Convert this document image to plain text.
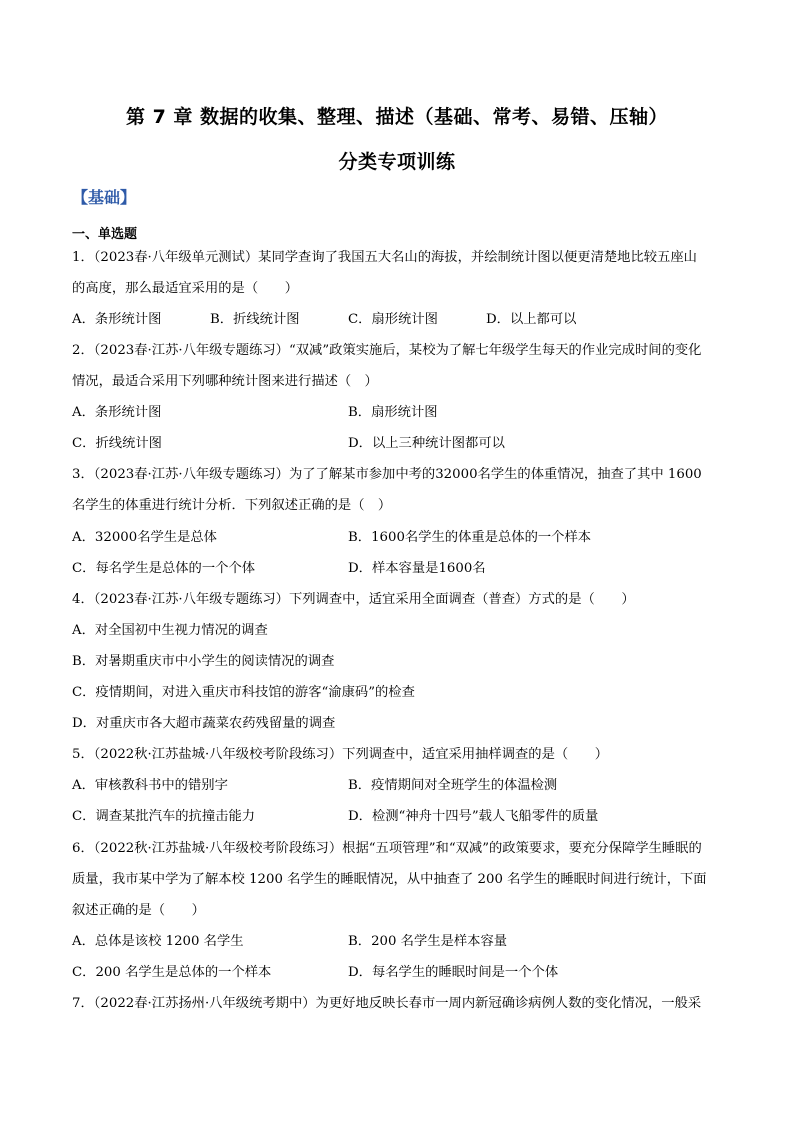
第 7 章 数据的收集、整理、描述（基础、常考、易错、压轴）
分类专项训练
【基础】
一、单选题
1．（2023春·八年级单元测试）某同学查询了我国五大名山的海拔，并绘制统计图以便更清楚地比较五座山
的高度，那么最适宜采用的是（　　）
A．条形统计图	B．折线统计图	C．扇形统计图	D．以上都可以
2．（2023春·江苏·八年级专题练习）“双减”政策实施后，某校为了解七年级学生每天的作业完成时间的变化
情况，最适合采用下列哪种统计图来进行描述（　）
A．条形统计图	B．扇形统计图
C．折线统计图	D．以上三种统计图都可以
3．（2023春·江苏·八年级专题练习）为了了解某市参加中考的32000名学生的体重情况，抽查了其中 1600
名学生的体重进行统计分析．下列叙述正确的是（　）
A．32000名学生是总体	B．1600名学生的体重是总体的一个样本
C．每名学生是总体的一个个体	D．样本容量是1600名
4．（2023春·江苏·八年级专题练习）下列调查中，适宜采用全面调查（普查）方式的是（　　）
A．对全国初中生视力情况的调查
B．对暑期重庆市中小学生的阅读情况的调查
C．疫情期间，对进入重庆市科技馆的游客“渝康码”的检查
D．对重庆市各大超市蔬菜农药残留量的调查
5．（2022秋·江苏盐城·八年级校考阶段练习）下列调查中，适宜采用抽样调查的是（　　）
A．审核教科书中的错别字	B．疫情期间对全班学生的体温检测
C．调查某批汽车的抗撞击能力	D．检测“神舟十四号”载人飞船零件的质量
6．（2022秋·江苏盐城·八年级校考阶段练习）根据“五项管理”和“双减”的政策要求，要充分保障学生睡眠的
质量，我市某中学为了解本校 1200 名学生的睡眠情况，从中抽查了 200 名学生的睡眠时间进行统计，下面
叙述正确的是（　　）
A．总体是该校 1200 名学生	B．200 名学生是样本容量
C．200 名学生是总体的一个样本	D．每名学生的睡眠时间是一个个体
7．（2022春·江苏扬州·八年级统考期中）为更好地反映长春市一周内新冠确诊病例人数的变化情况，一般采
